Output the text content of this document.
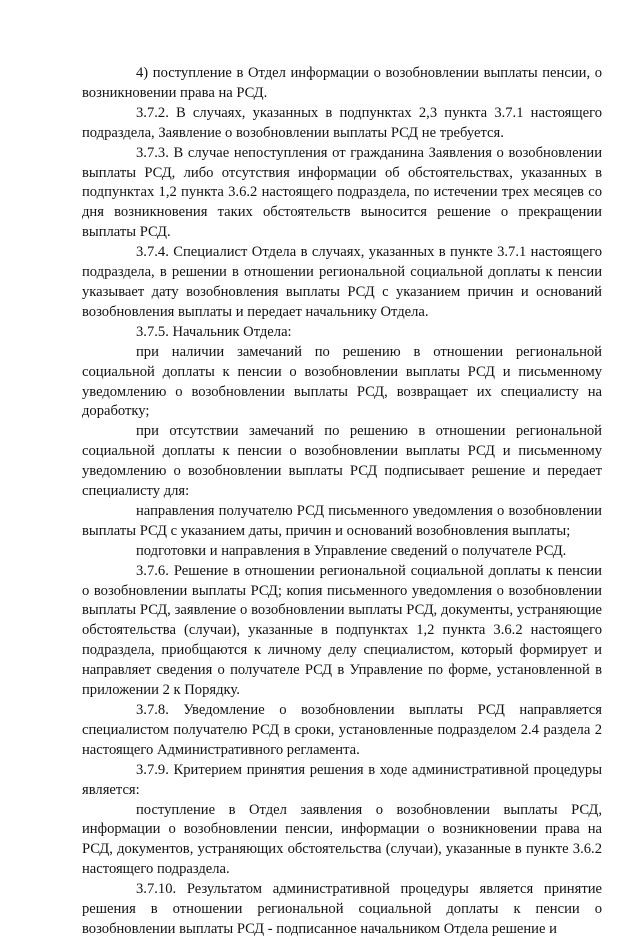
4) поступление в Отдел информации о возобновлении выплаты пенсии, о возникновении права на РСД.

3.7.2. В случаях, указанных в подпунктах 2,3 пункта 3.7.1 настоящего подраздела, Заявление о возобновлении выплаты РСД не требуется.

3.7.3. В случае непоступления от гражданина Заявления о возобновлении выплаты РСД, либо отсутствия информации об обстоятельствах, указанных в подпунктах 1,2 пункта 3.6.2 настоящего подраздела, по истечении трех месяцев со дня возникновения таких обстоятельств выносится решение о прекращении выплаты РСД.

3.7.4. Специалист Отдела в случаях, указанных в пункте 3.7.1 настоящего подраздела, в решении в отношении региональной социальной доплаты к пенсии указывает дату возобновления выплаты РСД с указанием причин и оснований возобновления выплаты и передает начальнику Отдела.

3.7.5. Начальник Отдела:

при наличии замечаний по решению в отношении региональной социальной доплаты к пенсии о возобновлении выплаты РСД и письменному уведомлению о возобновлении выплаты РСД, возвращает их специалисту на доработку;

при отсутствии замечаний по решению в отношении региональной социальной доплаты к пенсии о возобновлении выплаты РСД и письменному уведомлению о возобновлении выплаты РСД подписывает решение и передает специалисту для:

направления получателю РСД письменного уведомления о возобновлении выплаты РСД с указанием даты, причин и оснований возобновления выплаты;

подготовки и направления в Управление сведений о получателе РСД.

3.7.6. Решение в отношении региональной социальной доплаты к пенсии о возобновлении выплаты РСД; копия письменного уведомления о возобновлении выплаты РСД, заявление о возобновлении выплаты РСД, документы, устраняющие обстоятельства (случаи), указанные в подпунктах 1,2 пункта 3.6.2 настоящего подраздела, приобщаются к личному делу специалистом, который формирует и направляет сведения о получателе РСД в Управление по форме, установленной в приложении 2 к Порядку.

3.7.8. Уведомление о возобновлении выплаты РСД направляется специалистом получателю РСД в сроки, установленные подразделом 2.4 раздела 2 настоящего Административного регламента.

3.7.9. Критерием принятия решения в ходе административной процедуры является:

поступление в Отдел заявления о возобновлении выплаты РСД, информации о возобновлении пенсии, информации о возникновении права на РСД, документов, устраняющих обстоятельства (случаи), указанные в пункте 3.6.2 настоящего подраздела.

3.7.10. Результатом административной процедуры является принятие решения в отношении региональной социальной доплаты к пенсии о возобновлении выплаты РСД - подписанное начальником Отдела решение и
